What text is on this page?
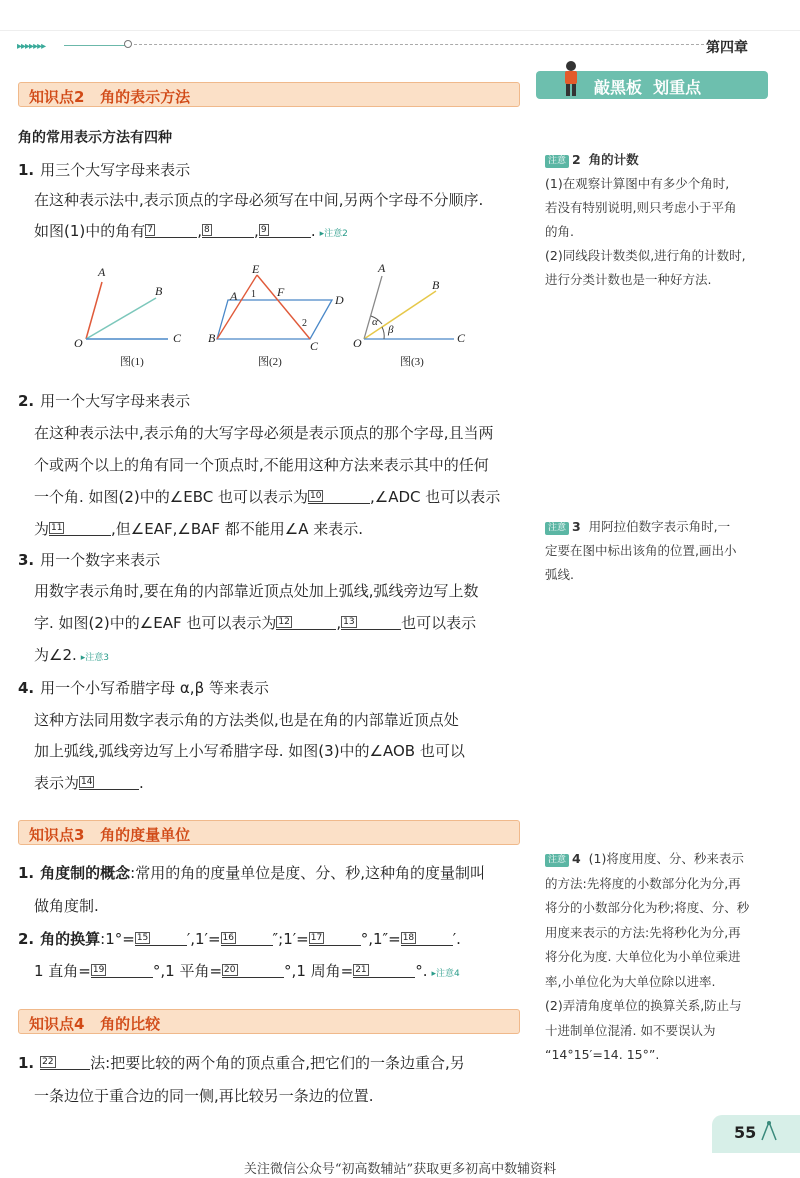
▸▸▸▸▸▸▸	第四章
敲黑板  划重点
注意 2 角的计数
(1)在观察计算图中有多少个角时,
若没有特别说明,则只考虑小于平角
的角.
(2)同线段计数类似,进行角的计数时,
进行分类计数也是一种好方法.
注意 3 用阿拉伯数字表示角时,一
定要在图中标出该角的位置,画出小
弧线.
注意 4 (1)将度用度、分、秒来表示
的方法:先将度的小数部分化为分,再
将分的小数部分化为秒;将度、分、秒
用度来表示的方法:先将秒化为分,再
将分化为度. 大单位化为小单位乘进
率,小单位化为大单位除以进率.
(2)弄清角度单位的换算关系,防止与
十进制单位混淆. 如不要误认为
“14°15′=14. 15°”.
知识点2   角的表示方法
角的常用表示方法有四种
1. 用三个大写字母来表示
在这种表示法中,表示顶点的字母必须写在中间,另两个字母不分顺序.
如图(1)中的角有 7	, 8	, 9	. ▸注意2
A
B
O	C
图(1)
E
A	F
D
B
C
1
2
图(2)
A
B
O	C
α
β
图(3)
2. 用一个大写字母来表示
在这种表示法中,表示角的大写字母必须是表示顶点的那个字母,且当两
个或两个以上的角有同一个顶点时,不能用这种方法来表示其中的任何
一个角. 如图(2)中的∠EBC 也可以表示为 10	,∠ADC 也可以表示
为 11	,但∠EAF,∠BAF 都不能用∠A 来表示.
3. 用一个数字来表示
用数字表示角时,要在角的内部靠近顶点处加上弧线,弧线旁边写上数
字. 如图(2)中的∠EAF 也可以表示为 12	, 13	也可以表示
为∠2. ▸注意3
4. 用一个小写希腊字母 α,β 等来表示
这种方法同用数字表示角的方法类似,也是在角的内部靠近顶点处
加上弧线,弧线旁边写上小写希腊字母. 如图(3)中的∠AOB 也可以
表示为 14	.
知识点3   角的度量单位
1. 角度制的概念:常用的角的度量单位是度、分、秒,这种角的度量制叫
做角度制.
2. 角的换算:1°= 15	′,1′= 16	″;1′= 17	°,1″= 18	′.
1 直角= 19	°,1 平角= 20	°,1 周角= 21	°. ▸注意4
知识点4   角的比较
1. 22 法:把要比较的两个角的顶点重合,把它们的一条边重合,另
一条边位于重合边的同一侧,再比较另一条边的位置.
55
关注微信公众号“初高数辅站”获取更多初高中数辅资料
